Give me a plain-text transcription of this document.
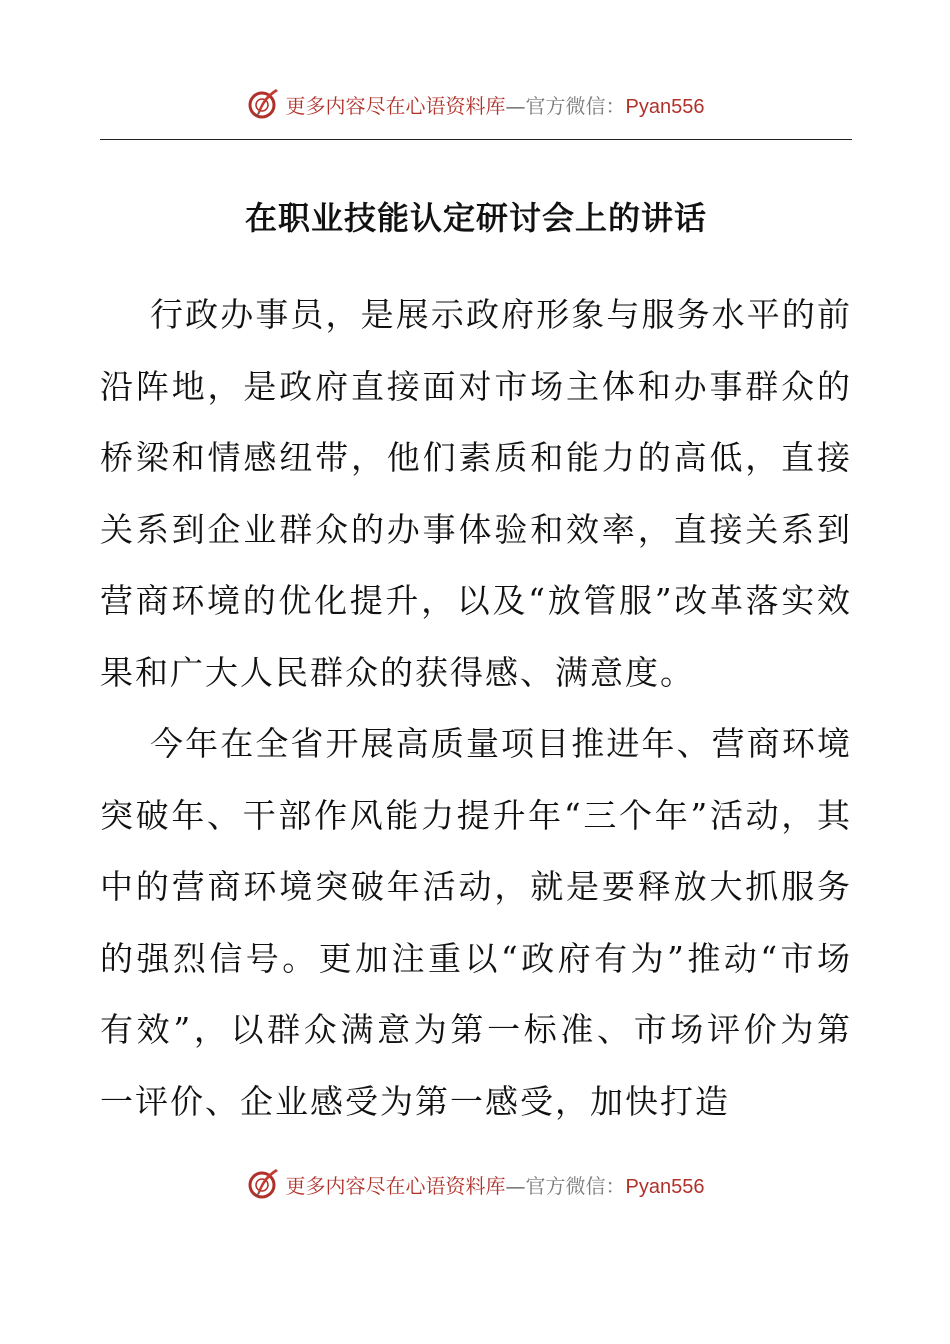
更多内容尽在心语资料库—官方微信：Pyan556
在职业技能认定研讨会上的讲话

行政办事员，是展示政府形象与服务水平的前沿阵地，是政府直接面对市场主体和办事群众的桥梁和情感纽带，他们素质和能力的高低，直接关系到企业群众的办事体验和效率，直接关系到营商环境的优化提升，以及“放管服”改革落实效果和广大人民群众的获得感、满意度。

今年在全省开展高质量项目推进年、营商环境突破年、干部作风能力提升年“三个年”活动，其中的营商环境突破年活动，就是要释放大抓服务的强烈信号。更加注重以“政府有为”推动“市场有效”，以群众满意为第一标准、市场评价为第一评价、企业感受为第一感受，加快打造

更多内容尽在心语资料库—官方微信：Pyan556
